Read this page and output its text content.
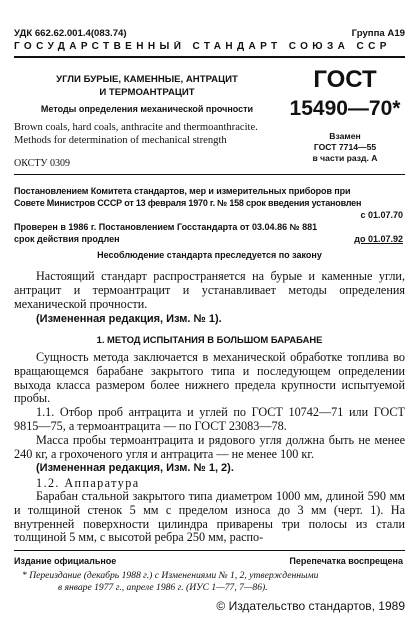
УДК 662.62.001.4(083.74)	Группа А19
ГОСУДАРСТВЕННЫЙ СТАНДАРТ СОЮЗА ССР
УГЛИ БУРЫЕ, КАМЕННЫЕ, АНТРАЦИТ
И ТЕРМОАНТРАЦИТ
Методы определения механической прочности
Brown coals, hard coals, anthracite and thermoanthracite.
Methods for determination of mechanical strength
ОКСТУ 0309
ГОСТ
15490—70*
Взамен
ГОСТ 7714—55
в части разд. А
Постановлением Комитета стандартов, мер и измерительных приборов при
Совете Министров СССР от 13 февраля 1970 г. № 158 срок введения установлен
с 01.07.70
Проверен в 1986 г. Постановлением Госстандарта от 03.04.86 № 881
срок действия продлен	до 01.07.92
Несоблюдение стандарта преследуется по закону
Настоящий стандарт распространяется на бурые и каменные угли, антрацит и термоантрацит и устанавливает методы определения механической прочности.
(Измененная редакция, Изм. № 1).
1. МЕТОД ИСПЫТАНИЯ В БОЛЬШОМ БАРАБАНЕ
Сущность метода заключается в механической обработке топлива во вращающемся барабане закрытого типа и последующем определении выхода класса размером более нижнего предела крупности испытуемой пробы.
1.1. Отбор проб антрацита и углей по ГОСТ 10742—71 или ГОСТ 9815—75, а термоантрацита — по ГОСТ 23083—78.
Масса пробы термоантрацита и рядового угля должна быть не менее 240 кг, а грохоченого угля и антрацита — не менее 100 кг.
(Измененная редакция, Изм. № 1, 2).
1.2. Аппаратура
Барабан стальной закрытого типа диаметром 1000 мм, длиной 590 мм и толщиной стенок 5 мм с пределом износа до 3 мм (черт. 1). На внутренней поверхности цилиндра приварены три полосы из стали толщиной 5 мм, с высотой ребра 250 мм, распо-
Издание официальное	Перепечатка воспрещена
* Переиздание (декабрь 1988 г.) с Изменениями № 1, 2, утвержденными
в январе 1977 г., апреле 1986 г. (ИУС 1—77, 7—86).
© Издательство стандартов, 1989
